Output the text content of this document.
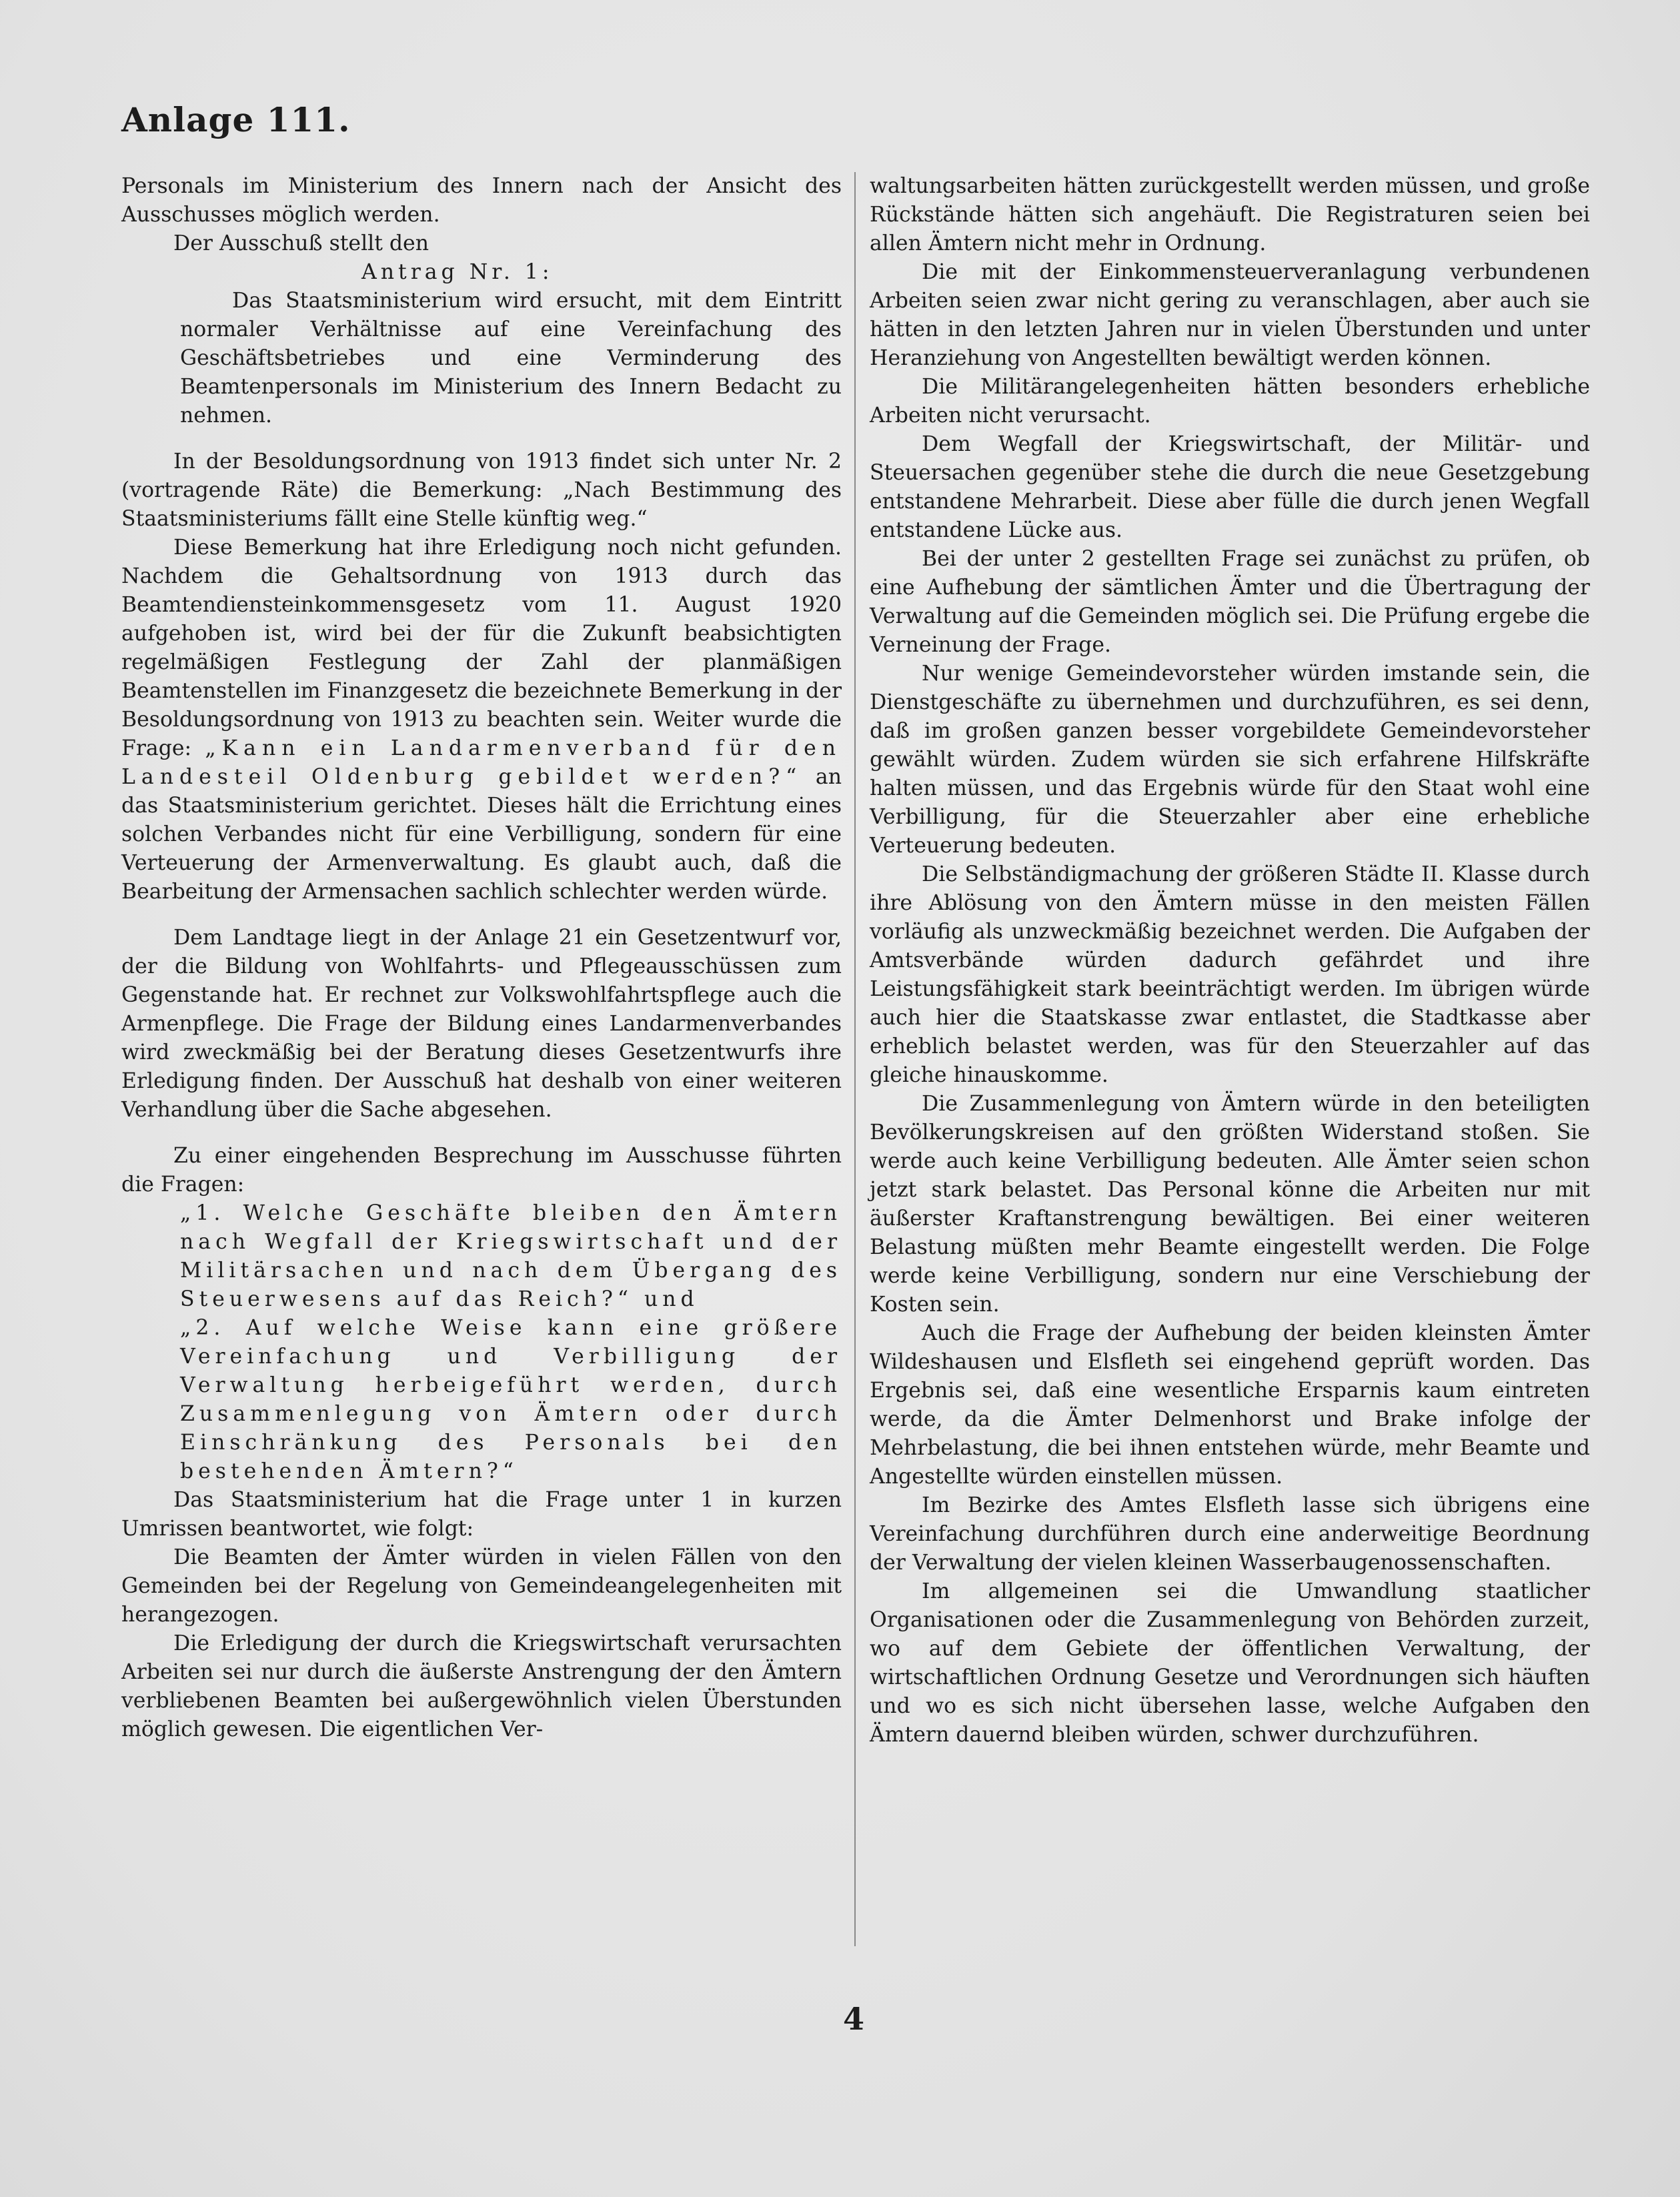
Anlage 111.

Personals im Ministerium des Innern nach der Ansicht des Ausschusses möglich werden.

Der Ausschuß stellt den

Antrag Nr. 1:

Das Staatsministerium wird ersucht, mit dem Eintritt normaler Verhältnisse auf eine Vereinfachung des Geschäftsbetriebes und eine Verminderung des Beamtenpersonals im Ministerium des Innern Bedacht zu nehmen.

In der Besoldungsordnung von 1913 findet sich unter Nr. 2 (vortragende Räte) die Bemerkung: „Nach Bestimmung des Staatsministeriums fällt eine Stelle künftig weg.“

Diese Bemerkung hat ihre Erledigung noch nicht gefunden. Nachdem die Gehaltsordnung von 1913 durch das Beamtendiensteinkommensgesetz vom 11. August 1920 aufgehoben ist, wird bei der für die Zukunft beabsichtigten regelmäßigen Festlegung der Zahl der planmäßigen Beamtenstellen im Finanzgesetz die bezeichnete Bemerkung in der Besoldungsordnung von 1913 zu beachten sein. Weiter wurde die Frage: „Kann ein Landarmenverband für den Landesteil Oldenburg gebildet werden?“ an das Staatsministerium gerichtet. Dieses hält die Errichtung eines solchen Verbandes nicht für eine Verbilligung, sondern für eine Verteuerung der Armenverwaltung. Es glaubt auch, daß die Bearbeitung der Armensachen sachlich schlechter werden würde.

Dem Landtage liegt in der Anlage 21 ein Gesetzentwurf vor, der die Bildung von Wohlfahrts- und Pflegeausschüssen zum Gegenstande hat. Er rechnet zur Volkswohlfahrtspflege auch die Armenpflege. Die Frage der Bildung eines Landarmenverbandes wird zweckmäßig bei der Beratung dieses Gesetzentwurfs ihre Erledigung finden. Der Ausschuß hat deshalb von einer weiteren Verhandlung über die Sache abgesehen.

Zu einer eingehenden Besprechung im Ausschusse führten die Fragen:

„1. Welche Geschäfte bleiben den Ämtern nach Wegfall der Kriegswirtschaft und der Militärsachen und nach dem Übergang des Steuerwesens auf das Reich?“ und
„2. Auf welche Weise kann eine größere Vereinfachung und Verbilligung der Verwaltung herbeigeführt werden, durch Zusammenlegung von Ämtern oder durch Einschränkung des Personals bei den bestehenden Ämtern?“

Das Staatsministerium hat die Frage unter 1 in kurzen Umrissen beantwortet, wie folgt:

Die Beamten der Ämter würden in vielen Fällen von den Gemeinden bei der Regelung von Gemeindeangelegenheiten mit herangezogen.

Die Erledigung der durch die Kriegswirtschaft verursachten Arbeiten sei nur durch die äußerste Anstrengung der den Ämtern verbliebenen Beamten bei außergewöhnlich vielen Überstunden möglich gewesen. Die eigentlichen Ver-

waltungsarbeiten hätten zurückgestellt werden müssen, und große Rückstände hätten sich angehäuft. Die Registraturen seien bei allen Ämtern nicht mehr in Ordnung.

Die mit der Einkommensteuerveranlagung verbundenen Arbeiten seien zwar nicht gering zu veranschlagen, aber auch sie hätten in den letzten Jahren nur in vielen Überstunden und unter Heranziehung von Angestellten bewältigt werden können.

Die Militärangelegenheiten hätten besonders erhebliche Arbeiten nicht verursacht.

Dem Wegfall der Kriegswirtschaft, der Militär- und Steuersachen gegenüber stehe die durch die neue Gesetzgebung entstandene Mehrarbeit. Diese aber fülle die durch jenen Wegfall entstandene Lücke aus.

Bei der unter 2 gestellten Frage sei zunächst zu prüfen, ob eine Aufhebung der sämtlichen Ämter und die Übertragung der Verwaltung auf die Gemeinden möglich sei. Die Prüfung ergebe die Verneinung der Frage.

Nur wenige Gemeindevorsteher würden imstande sein, die Dienstgeschäfte zu übernehmen und durchzuführen, es sei denn, daß im großen ganzen besser vorgebildete Gemeindevorsteher gewählt würden. Zudem würden sie sich erfahrene Hilfskräfte halten müssen, und das Ergebnis würde für den Staat wohl eine Verbilligung, für die Steuerzahler aber eine erhebliche Verteuerung bedeuten.

Die Selbständigmachung der größeren Städte II. Klasse durch ihre Ablösung von den Ämtern müsse in den meisten Fällen vorläufig als unzweckmäßig bezeichnet werden. Die Aufgaben der Amtsverbände würden dadurch gefährdet und ihre Leistungsfähigkeit stark beeinträchtigt werden. Im übrigen würde auch hier die Staatskasse zwar entlastet, die Stadtkasse aber erheblich belastet werden, was für den Steuerzahler auf das gleiche hinauskomme.

Die Zusammenlegung von Ämtern würde in den beteiligten Bevölkerungskreisen auf den größten Widerstand stoßen. Sie werde auch keine Verbilligung bedeuten. Alle Ämter seien schon jetzt stark belastet. Das Personal könne die Arbeiten nur mit äußerster Kraftanstrengung bewältigen. Bei einer weiteren Belastung müßten mehr Beamte eingestellt werden. Die Folge werde keine Verbilligung, sondern nur eine Verschiebung der Kosten sein.

Auch die Frage der Aufhebung der beiden kleinsten Ämter Wildeshausen und Elsfleth sei eingehend geprüft worden. Das Ergebnis sei, daß eine wesentliche Ersparnis kaum eintreten werde, da die Ämter Delmenhorst und Brake infolge der Mehrbelastung, die bei ihnen entstehen würde, mehr Beamte und Angestellte würden einstellen müssen.

Im Bezirke des Amtes Elsfleth lasse sich übrigens eine Vereinfachung durchführen durch eine anderweitige Beordnung der Verwaltung der vielen kleinen Wasserbaugenossenschaften.

Im allgemeinen sei die Umwandlung staatlicher Organisationen oder die Zusammenlegung von Behörden zurzeit, wo auf dem Gebiete der öffentlichen Verwaltung, der wirtschaftlichen Ordnung Gesetze und Verordnungen sich häuften und wo es sich nicht übersehen lasse, welche Aufgaben den Ämtern dauernd bleiben würden, schwer durchzuführen.

4
